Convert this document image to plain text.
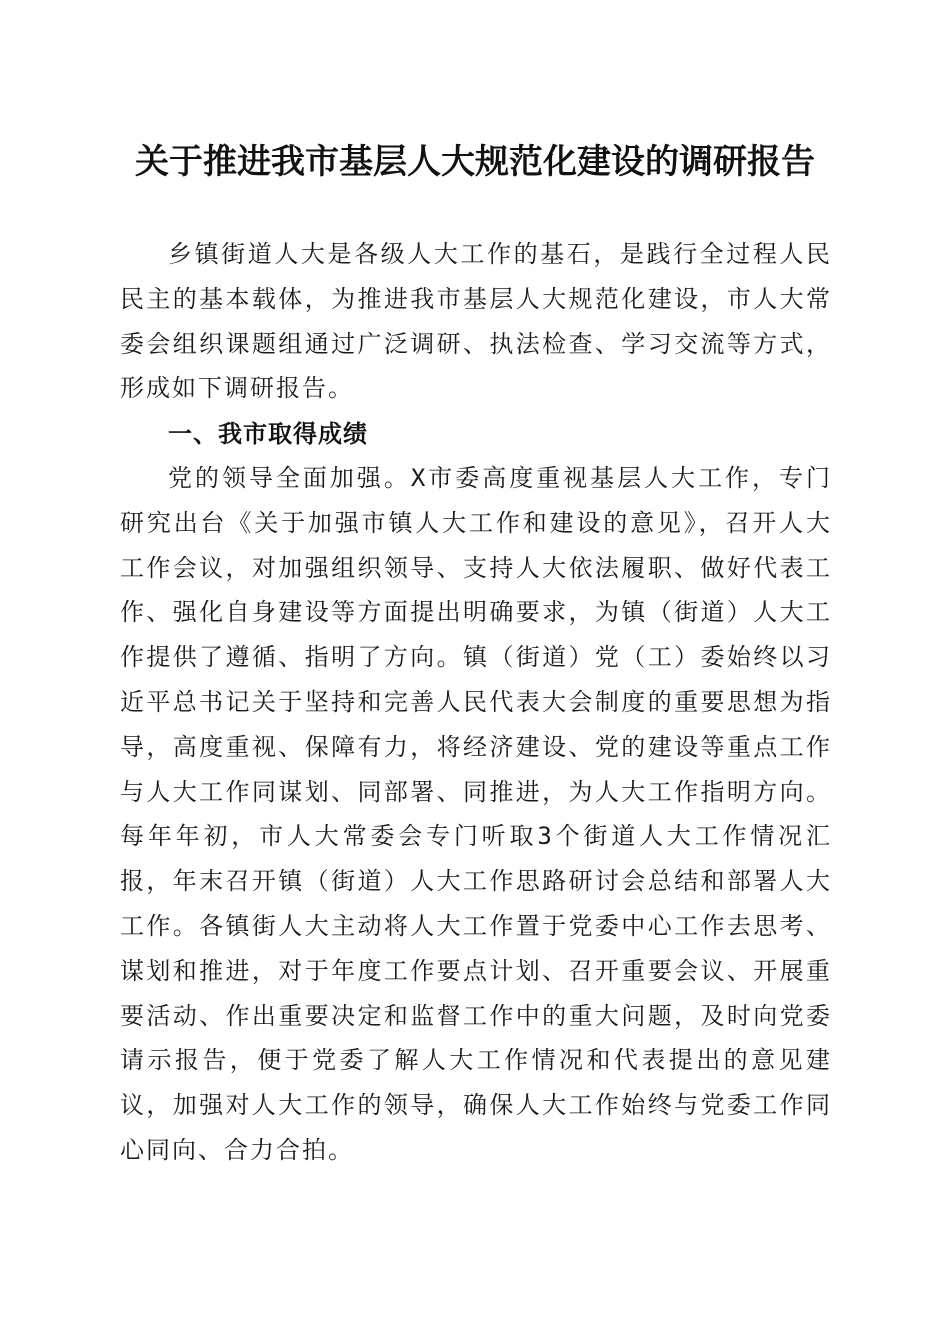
关于推进我市基层人大规范化建设的调研报告

乡镇街道人大是各级人大工作的基石，是践行全过程人民民主的基本载体，为推进我市基层人大规范化建设，市人大常委会组织课题组通过广泛调研、执法检查、学习交流等方式，形成如下调研报告。

一、我市取得成绩

党的领导全面加强。X市委高度重视基层人大工作，专门研究出台《关于加强市镇人大工作和建设的意见》，召开人大工作会议，对加强组织领导、支持人大依法履职、做好代表工作、强化自身建设等方面提出明确要求，为镇（街道）人大工作提供了遵循、指明了方向。镇（街道）党（工）委始终以习近平总书记关于坚持和完善人民代表大会制度的重要思想为指导，高度重视、保障有力，将经济建设、党的建设等重点工作与人大工作同谋划、同部署、同推进，为人大工作指明方向。每年年初，市人大常委会专门听取3个街道人大工作情况汇报，年末召开镇（街道）人大工作思路研讨会总结和部署人大工作。各镇街人大主动将人大工作置于党委中心工作去思考、谋划和推进，对于年度工作要点计划、召开重要会议、开展重要活动、作出重要决定和监督工作中的重大问题，及时向党委请示报告，便于党委了解人大工作情况和代表提出的意见建议，加强对人大工作的领导，确保人大工作始终与党委工作同心同向、合力合拍。
